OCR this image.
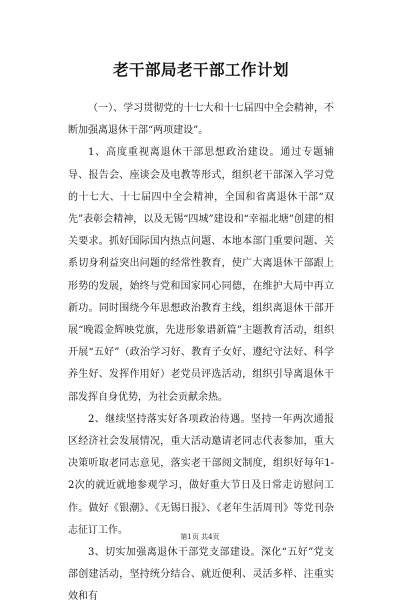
老干部局老干部工作计划

（一）、学习贯彻党的十七大和十七届四中全会精神，不断加强离退休干部“两项建设”。

1、高度重视离退休干部思想政治建设。通过专题辅导、报告会、座谈会及电教等形式，组织老干部深入学习党的十七大、十七届四中全会精神，全国和省离退休干部“双先”表彰会精神，以及无锡“四城”建设和“幸福北塘”创建的相关要求。抓好国际国内热点问题、本地本部门重要问题、关系切身利益突出问题的经常性教育，使广大离退休干部跟上形势的发展，始终与党和国家同心同德，在维护大局中再立新功。同时围绕今年思想政治教育主线，组织离退休干部开展“晚霞金辉映党旗，先进形象谱新篇”主题教育活动，组织开展“五好”（政治学习好、教育子女好、遵纪守法好、科学养生好、发挥作用好）老党员评选活动，组织引导离退休干部发挥自身优势，为社会贡献余热。

2、继续坚持落实好各项政治待遇。坚持一年两次通报区经济社会发展情况，重大活动邀请老同志代表参加，重大决策听取老同志意见，落实老干部阅文制度，组织好每年1-2次的就近就地参观学习，做好重大节日及日常走访慰问工作。做好《银潮》、《无锡日报》、《老年生活周刊》等党刊杂志征订工作。

3、切实加强离退休干部党支部建设。深化“五好”党支部创建活动，坚持统分结合、就近便利、灵活多样、注重实效和有

第1页 共4页
